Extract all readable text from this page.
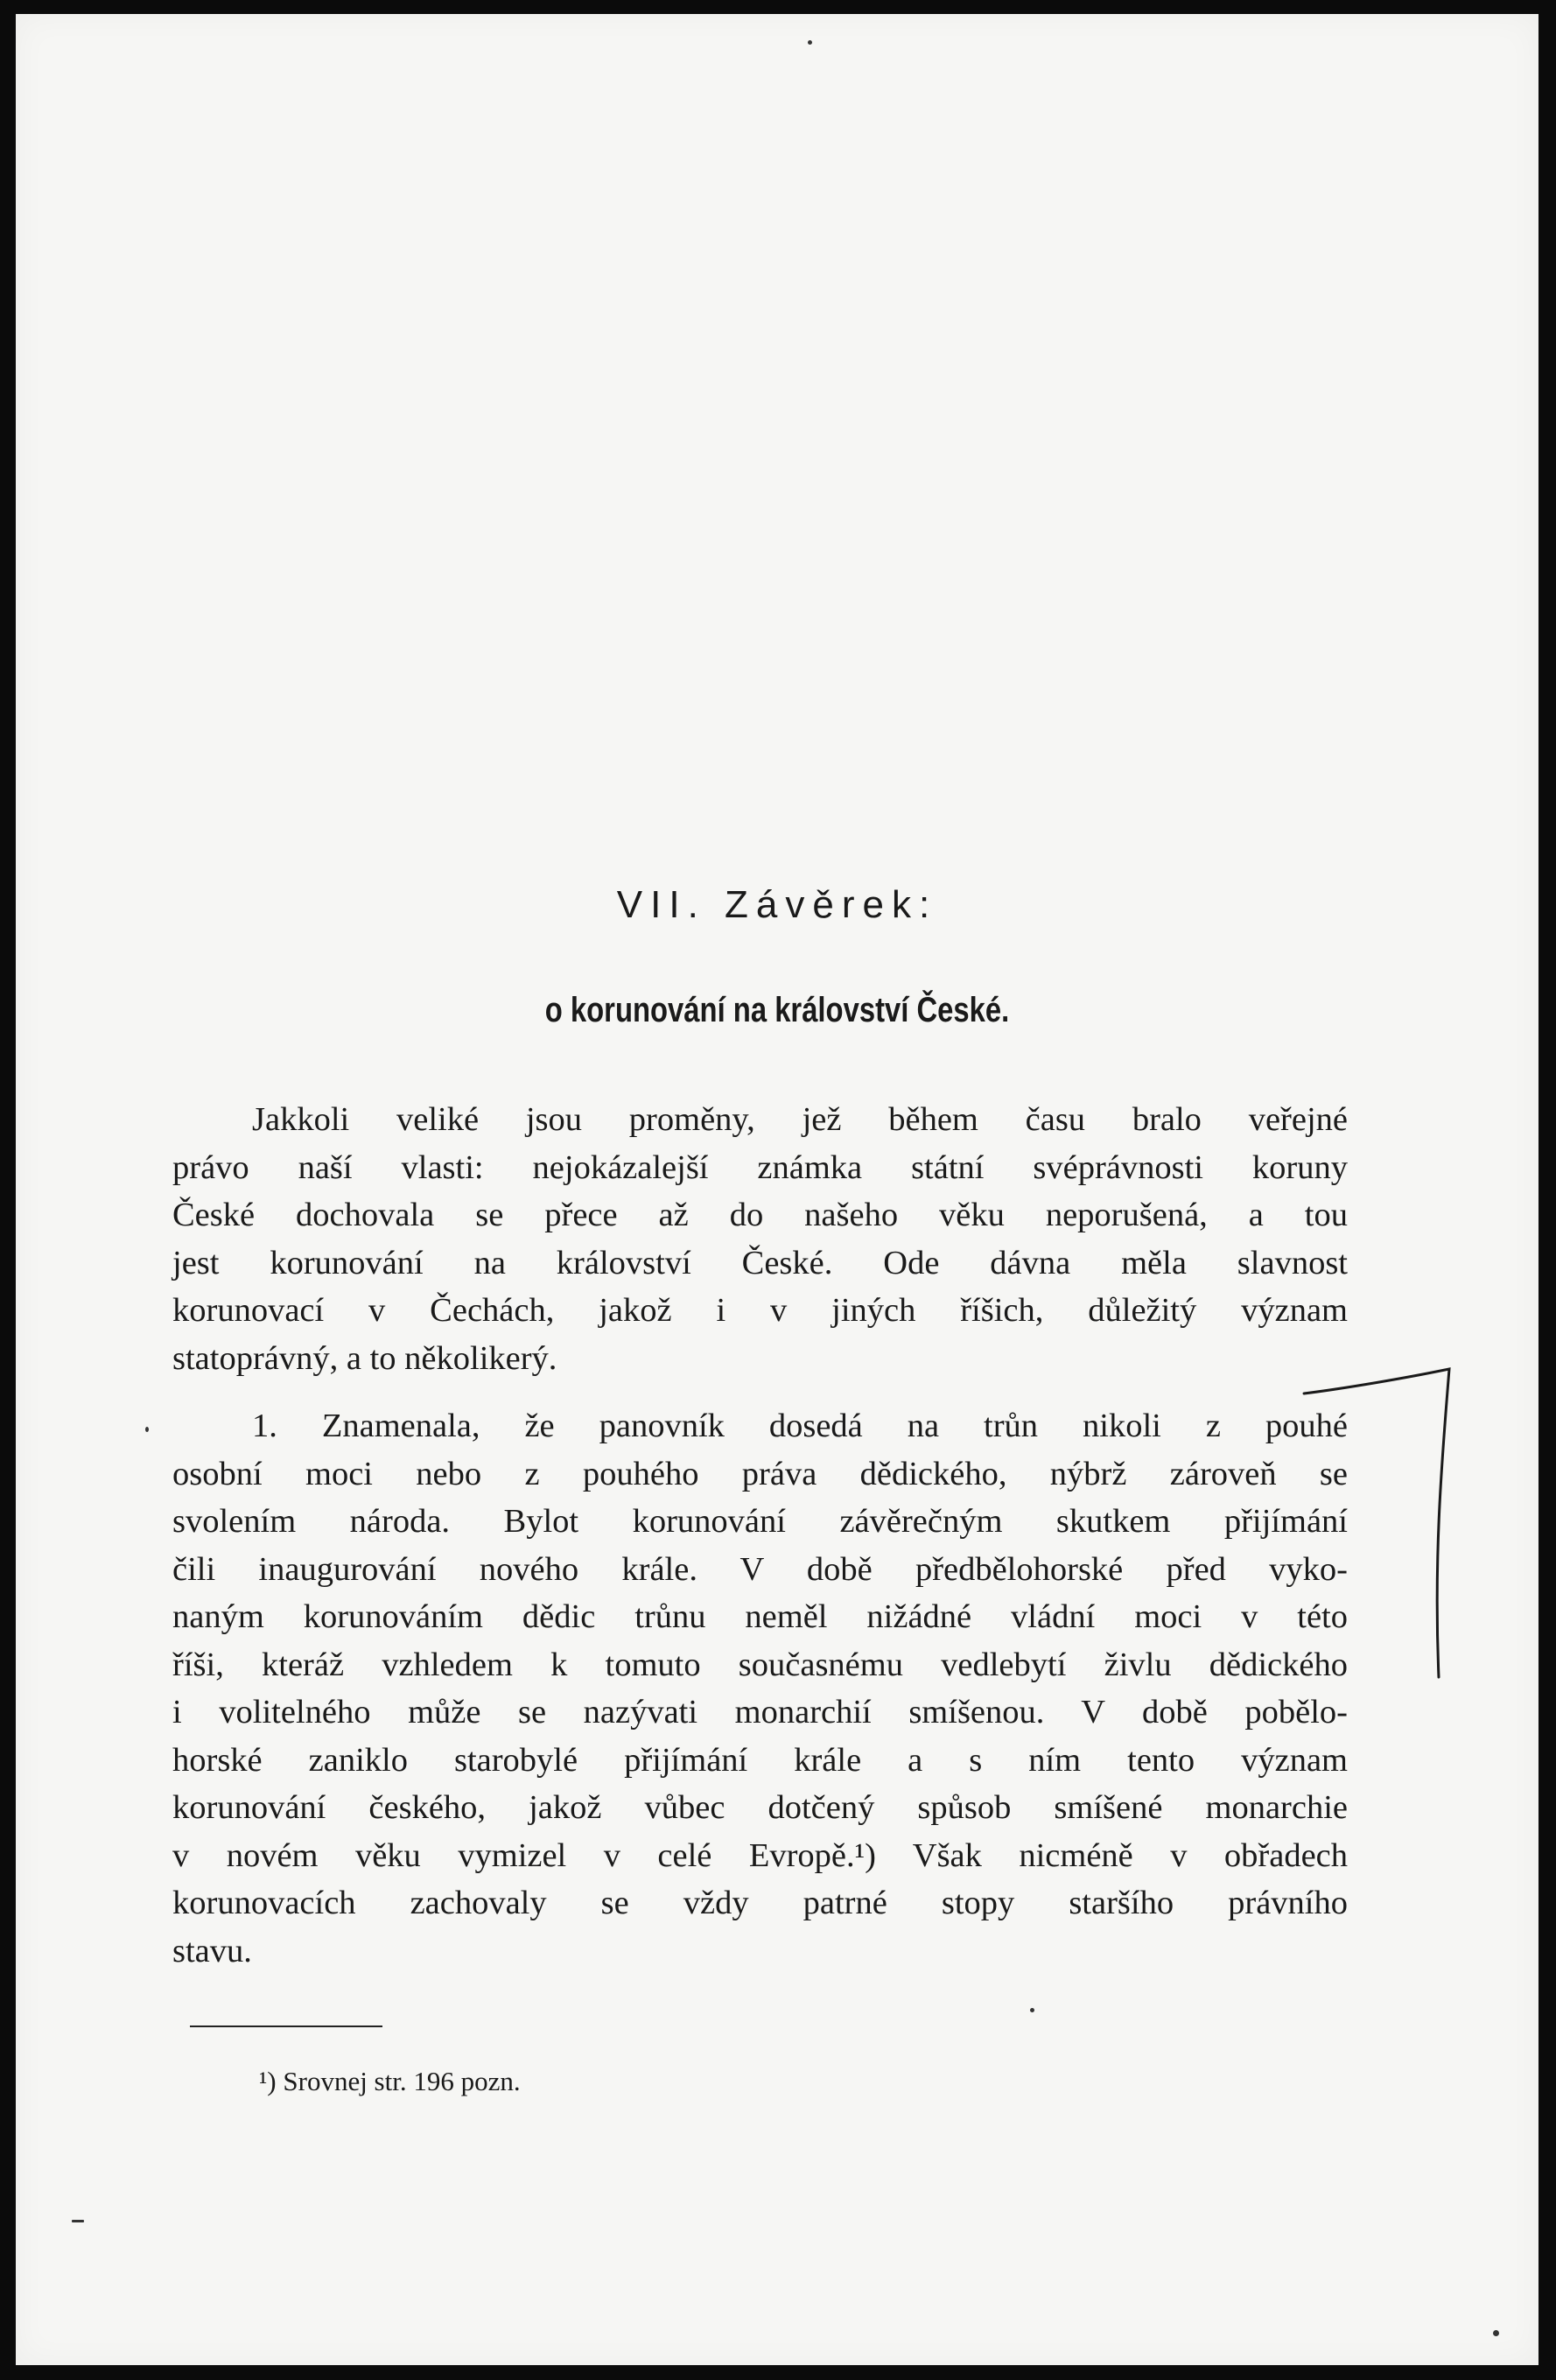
VII. Závěrek:
o korunování na království České.
Jakkoli veliké jsou proměny, jež během času bralo veřejné
právo naší vlasti: nejokázalejší známka státní svéprávnosti koruny
České dochovala se přece až do našeho věku neporušená, a tou
jest korunování na království České. Ode dávna měla slavnost
korunovací v Čechách, jakož i v jiných říšich, důležitý význam
statoprávný, a to několikerý.
1. Znamenala, že panovník dosedá na trůn nikoli z pouhé
osobní moci nebo z pouhého práva dědického, nýbrž zároveň se
svolením národa. Bylot korunování závěrečným skutkem přijímání
čili inaugurování nového krále. V době předbělohorské před vyko-
naným korunováním dědic trůnu neměl nižádné vládní moci v této
říši, kteráž vzhledem k tomuto současnému vedlebytí živlu dědického
i volitelného může se nazývati monarchií smíšenou. V době pobělo-
horské zaniklo starobylé přijímání krále a s ním tento význam
korunování českého, jakož vůbec dotčený spůsob smíšené monarchie
v novém věku vymizel v celé Evropě.¹) Však nicméně v obřadech
korunovacích zachovaly se vždy patrné stopy staršího právního
stavu.
¹) Srovnej str. 196 pozn.
